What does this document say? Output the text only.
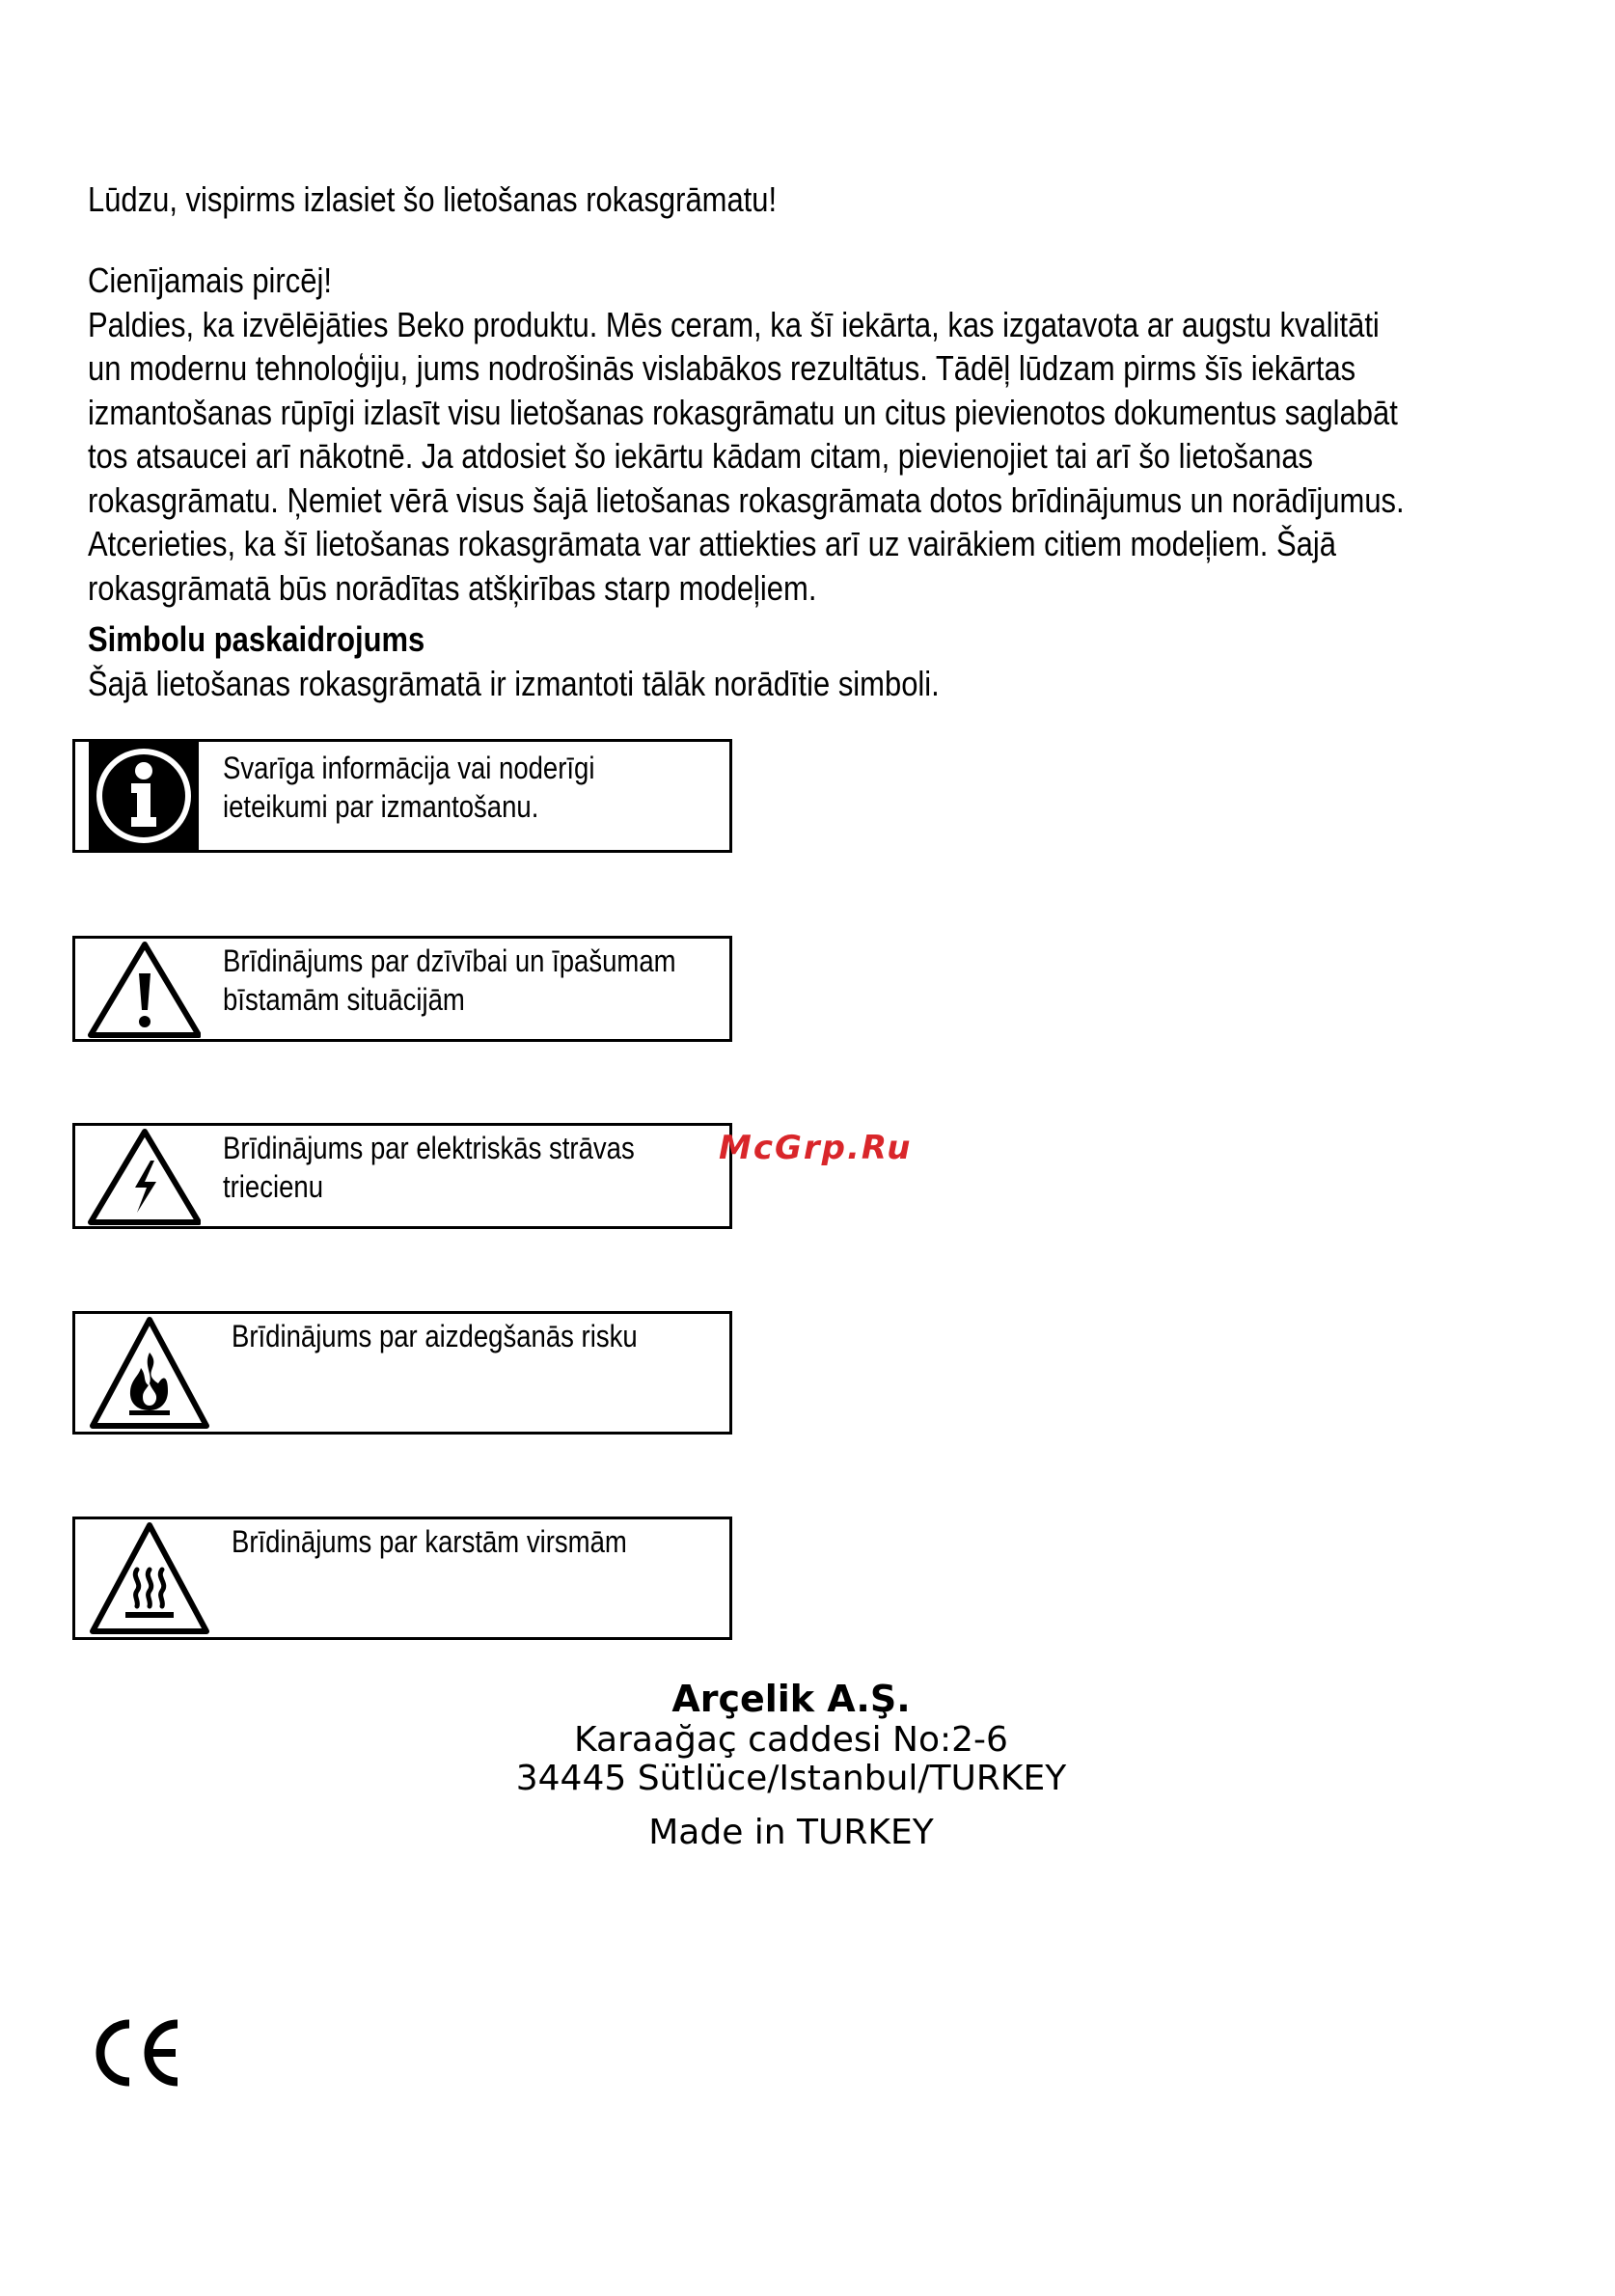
Lūdzu, vispirms izlasiet šo lietošanas rokasgrāmatu!

Cienījamais pircēj!

Paldies, ka izvēlējāties Beko produktu. Mēs ceram, ka šī iekārta, kas izgatavota ar augstu kvalitāti un modernu tehnoloģiju, jums nodrošinās vislabākos rezultātus. Tādēļ lūdzam pirms šīs iekārtas izmantošanas rūpīgi izlasīt visu lietošanas rokasgrāmatu un citus pievienotos dokumentus saglabāt tos atsaucei arī nākotnē. Ja atdosiet šo iekārtu kādam citam, pievienojiet tai arī šo lietošanas rokasgrāmatu. Ņemiet vērā visus šajā lietošanas rokasgrāmata dotos brīdinājumus un norādījumus.

Atcerieties, ka šī lietošanas rokasgrāmata var attiekties arī uz vairākiem citiem modeļiem. Šajā rokasgrāmatā būs norādītas atšķirības starp modeļiem.

Simbolu paskaidrojums
Šajā lietošanas rokasgrāmatā ir izmantoti tālāk norādītie simboli.
Svarīga informācija vai noderīgi
ieteikumi par izmantošanu.
Brīdinājums par dzīvībai un īpašumam
bīstamām situācijām
Brīdinājums par elektriskās strāvas
triecienu
Brīdinājums par aizdegšanās risku
Brīdinājums par karstām virsmām
McGrp.Ru
Arçelik A.Ş.
Karaağaç caddesi No:2-6
34445 Sütlüce/Istanbul/TURKEY
Made in TURKEY
